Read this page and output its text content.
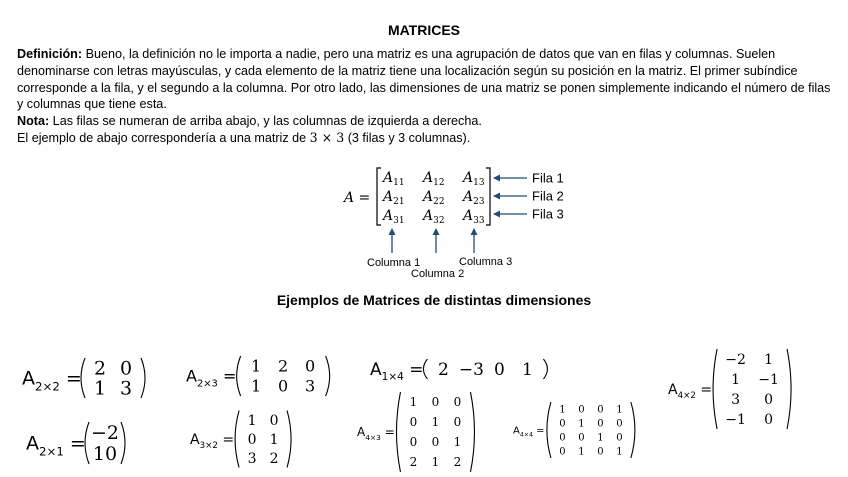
MATRICES

Definición: Bueno, la definición no le importa a nadie, pero una matriz es una agrupación de datos que van en filas y columnas. Suelen denominarse con letras mayúsculas, y cada elemento de la matriz tiene una localización según su posición en la matriz. El primer subíndice corresponde a la fila, y el segundo a la columna. Por otro lado, las dimensiones de una matriz se ponen simplemente indicando el número de filas y columnas que tiene esta.

Nota: Las filas se numeran de arriba abajo, y las columnas de izquierda a derecha.

El ejemplo de abajo correspondería a una matriz de 3 × 3 (3 filas y 3 columnas).

A =
$A_{11}$ $A_{12}$ $A_{13}$
$A_{21}$ $A_{22}$ $A_{23}$
$A_{31}$ $A_{32}$ $A_{33}$
Fila 1
Fila 2
Fila 3
Columna 1
Columna 2
Columna 3
$A_{2\times 2} = 2$ 0
1 3
$A_{2\times 3}$ =
1 2 0
1 0 3
$A_{1\times 4} = 2 -3$ 0 1
$A_{4\times 2}$ =
−2 1
1 −1
3 0
−1 0
$A_{2\times 1} = -2$
10
$A_{3\times 2}$ =
1 0
0 1
3 2
$A_{4\times 3}$ =
1 0 0
0 1 0
0 0 1
2 1 2
$A_{4\times 4}$ =
1 0 0 1
0 1 0 0
0 0 1 0
0 1 0 1
Ejemplos de Matrices de distintas dimensiones
